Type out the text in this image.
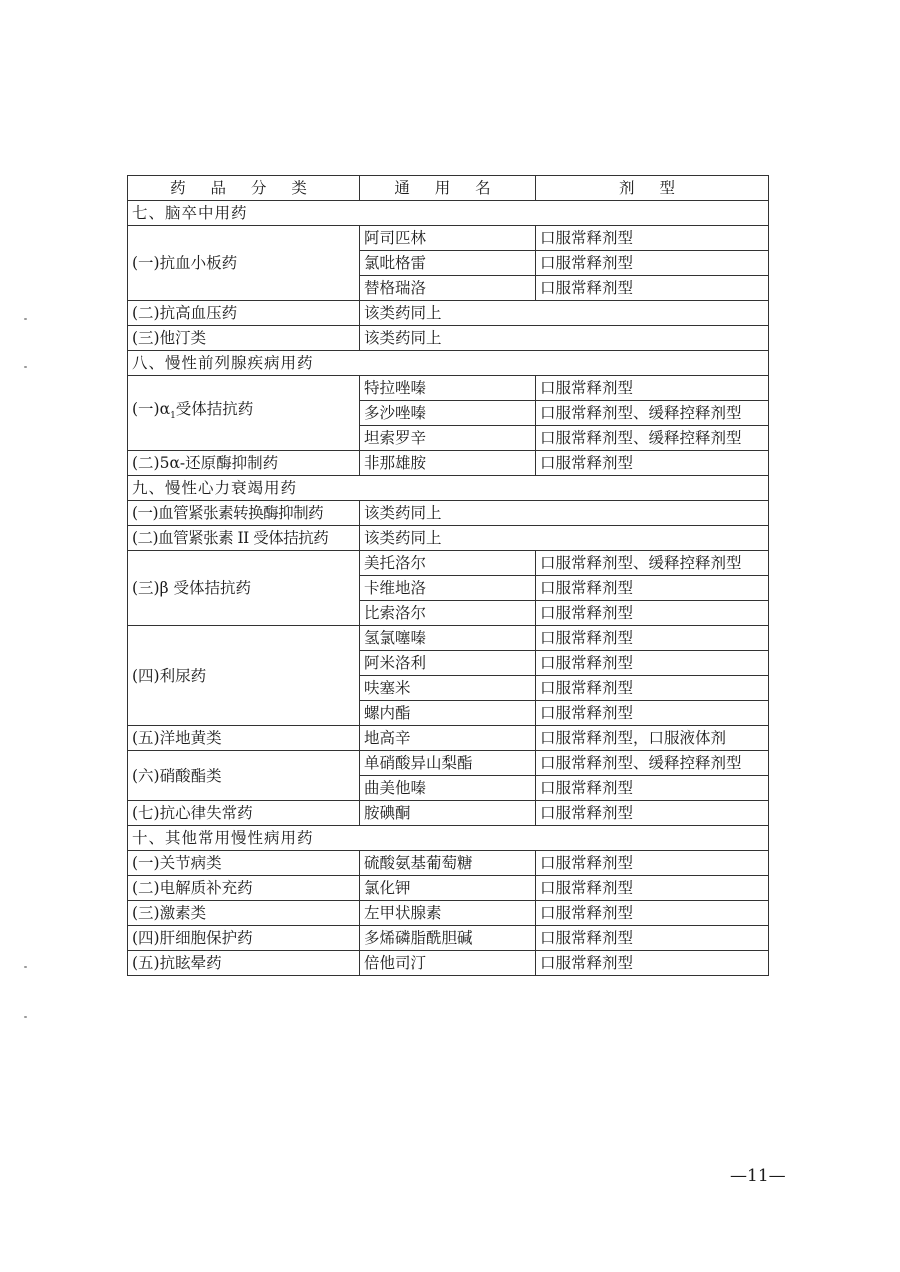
药 品 分 类	通 用 名	剂 型
七、脑卒中用药		
(一)抗血小板药	阿司匹林	口服常释剂型
	氯吡格雷	口服常释剂型
	替格瑞洛	口服常释剂型
(二)抗高血压药	该类药同上	
(三)他汀类	该类药同上	
八、慢性前列腺疾病用药		
(一)$\alpha_1$受体拮抗药	特拉唑嗪	口服常释剂型
	多沙唑嗪	口服常释剂型、缓释控释剂型
	坦索罗辛	口服常释剂型、缓释控释剂型
(二)5α-还原酶抑制药	非那雄胺	口服常释剂型
九、慢性心力衰竭用药		
(一)血管紧张素转换酶抑制药	该类药同上	
(二)血管紧张素 II 受体拮抗药	该类药同上	
(三)β 受体拮抗药	美托洛尔	口服常释剂型、缓释控释剂型
	卡维地洛	口服常释剂型
	比索洛尔	口服常释剂型
(四)利尿药	氢氯噻嗪	口服常释剂型
	阿米洛利	口服常释剂型
	呋塞米	口服常释剂型
	螺内酯	口服常释剂型
(五)洋地黄类	地高辛	口服常释剂型，口服液体剂
(六)硝酸酯类	单硝酸异山梨酯	口服常释剂型、缓释控释剂型
	曲美他嗪	口服常释剂型
(七)抗心律失常药	胺碘酮	口服常释剂型
十、其他常用慢性病用药		
(一)关节病类	硫酸氨基葡萄糖	口服常释剂型
(二)电解质补充药	氯化钾	口服常释剂型
(三)激素类	左甲状腺素	口服常释剂型
(四)肝细胞保护药	多烯磷脂酰胆碱	口服常释剂型
(五)抗眩晕药	倍他司汀	口服常释剂型
—11—
